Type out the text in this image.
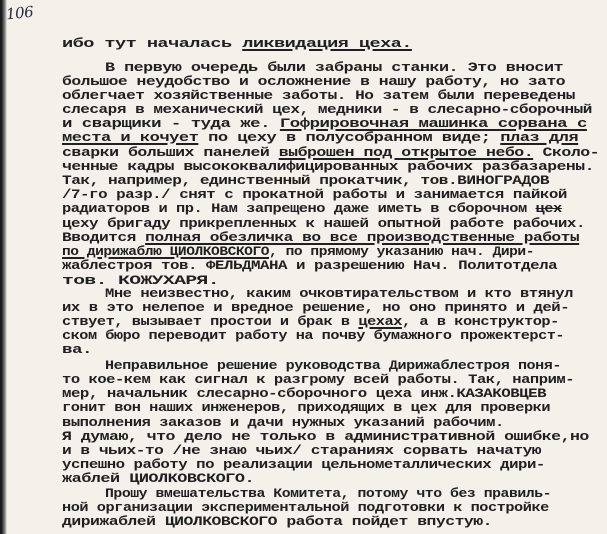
106
ибо тут началась ликвидация цеха.
В первую очередь были забраны станки. Это вносит
большое неудобство и осложнение в нашу работу, но зато
облегчает хозяйственные заботы. Но затем были переведены
слесаря в механический цех, медники - в слесарно-сборочный
и сварщики - туда же. Гофрировочная машинка сорвана с
места и кочует по цеху в полусобранном виде; плаз для
сварки больших панелей выброшен под открытое небо. Сколо-
ченные кадры высококвалифицированных рабочих разбазарены.
Так, например, единственный прокатчик, тов.ВИНОГРАДОВ
/7-го разр./ снят с прокатной работы и занимается пайкой
радиаторов и пр. Нам запрещено даже иметь в сборочном цех
цеху бригаду прикрепленных к нашей опытной работе рабочих.
Вводится полная обезличка во все производственные работы
по дирижаблю ЦИОЛКОВСКОГО, по прямому указанию нач. Дири-
жаблестроя тов. ФЕЛЬДМАНА и разрешению Нач. Политотдела
тов. КОЖУХАРЯ.
Мне неизвестно, каким очковтирательством и кто втянул
их в это нелепое и вредное решение, но оно принято и дей-
ствует, вызывает простои и брак в цехах, а в конструктор-
ском бюро переводит работу на почву бумажного прожектерст-
ва.
Неправильное решение руководства Дирижаблестроя поня-
то кое-кем как сигнал к разгрому всей работы. Так, наприм-
мер, начальник слесарно-сборочного цеха инж.КАЗАКОВЦЕВ
гонит вон наших инженеров, приходящих в цех для проверки
выполнения заказов и дачи нужных указаний рабочим.
Я думаю, что дело не только в административной ошибке,но
и в чьих-то /не знаю чьих/ стараниях сорвать начатую
успешно работу по реализации цельнометаллических дири-
жаблей ЦИОЛКОВСКОГО.
Прошу вмешательства Комитета, потому что без правиль-
ной организации экспериментальной подготовки к постройке
дирижаблей ЦИОЛКОВСКОГО работа пойдет впустую.
